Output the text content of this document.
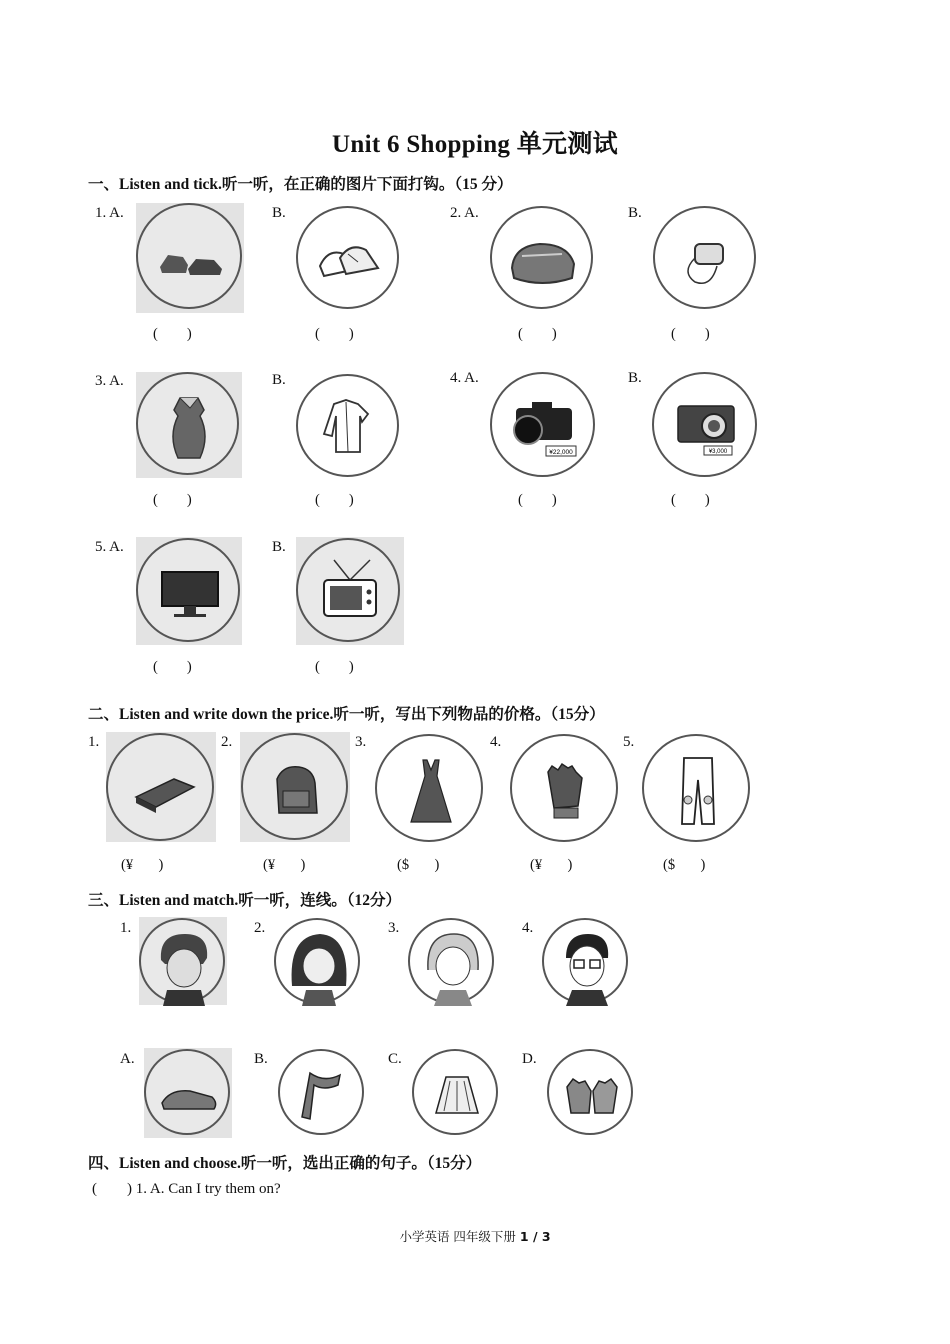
Unit 6 Shopping 单元测试
一、Listen and tick.听一听，在正确的图片下面打钩。（15 分）
1. A.
(        )
B.
(        )
2. A.
(        )
B.
(        )
3. A.
(        )
B.
(        )
4. A.
¥22,000
(        )
B.
¥3,000
(        )
5. A.
(        )
B.
(        )
二、Listen and write down the price.听一听，写出下列物品的价格。（15分）
1.
(¥       )
2.
(¥       )
3.
($       )
4.
(¥       )
5.
($       )
三、Listen and match.听一听，连线。（12分）
1.	2.	3.	4.
A.	B.	C.	D.
四、Listen and choose.听一听，选出正确的句子。（15分）
(        ) 1. A. Can I try them on?
小学英语 四年级下册 1 / 3
